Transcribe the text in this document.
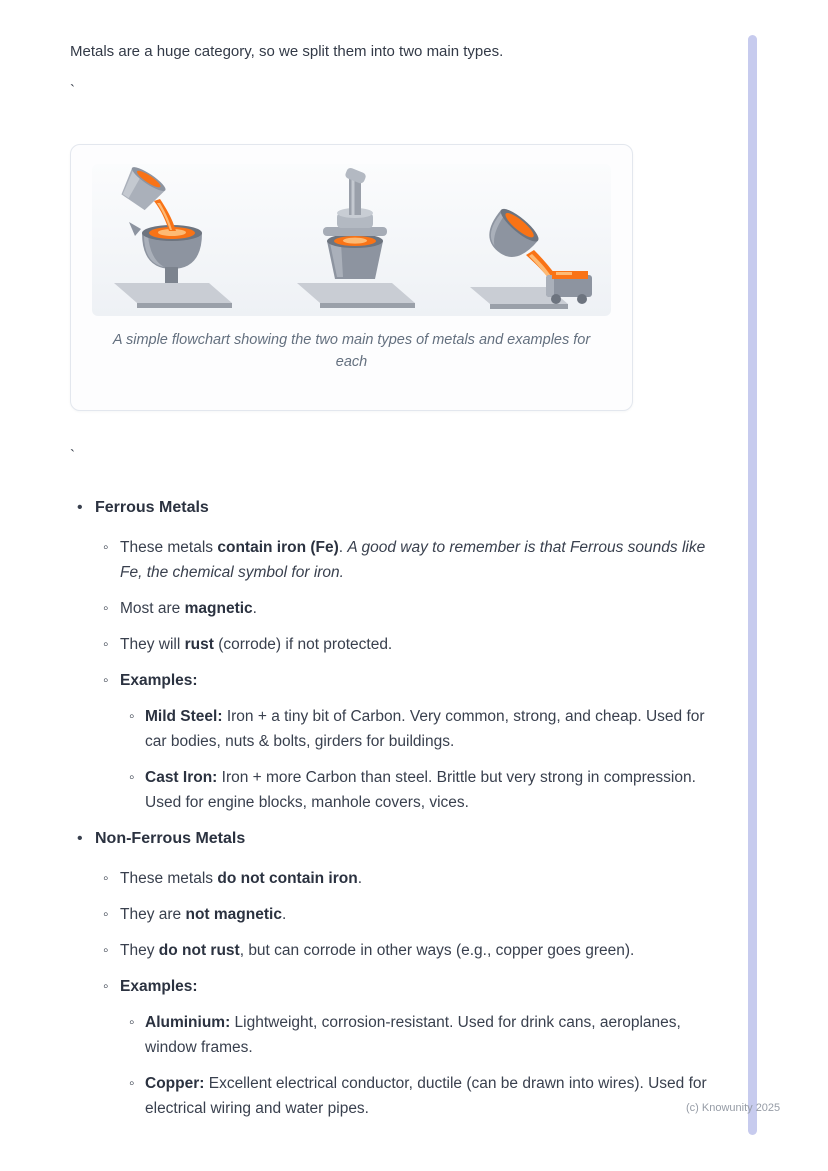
Metals are a huge category, so we split them into two main types.

`

A simple flowchart showing the two main types of metals and examples for each

`

• Ferrous Metals

◦ These metals contain iron (Fe). A good way to remember is that Ferrous sounds like Fe, the chemical symbol for iron.

◦ Most are magnetic.

◦ They will rust (corrode) if not protected.

◦ Examples:

◦ Mild Steel: Iron + a tiny bit of Carbon. Very common, strong, and cheap. Used for car bodies, nuts & bolts, girders for buildings.

◦ Cast Iron: Iron + more Carbon than steel. Brittle but very strong in compression. Used for engine blocks, manhole covers, vices.

• Non-Ferrous Metals

◦ These metals do not contain iron.

◦ They are not magnetic.

◦ They do not rust, but can corrode in other ways (e.g., copper goes green).

◦ Examples:

◦ Aluminium: Lightweight, corrosion-resistant. Used for drink cans, aeroplanes, window frames.

◦ Copper: Excellent electrical conductor, ductile (can be drawn into wires). Used for electrical wiring and water pipes.	(c) Knowunity 2025
